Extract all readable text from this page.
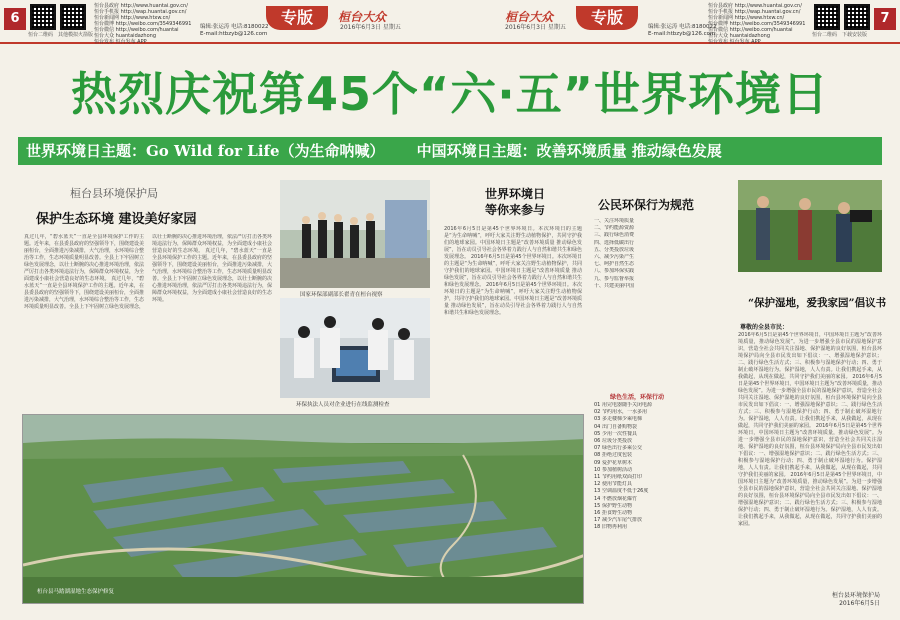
6
恒台二维码 其他模拟火箭版
恒台县政府 http://www.huantai.gov.cn/
恒台手机报 http://wap.huantai.gov.cn/
恒台新闻网 http://www.htxw.cn/
恒台微博 http://weibo.com/3549346991
恒台微信 http://weibo.com/huantai
恒台大众 huantaidazhong
恒台发布 恒台发布 APP
编辑:张运涛 电话:8180022
E-mail:htbzyb@126.com
专版	桓台大众
2016年6月3日 星期五
桓台大众
2016年6月3日 星期五
专版	编辑:张运涛 电话:8180022
E-mail:htbzyb@126.com
恒台县政府 http://www.huantai.gov.cn/
恒台手机报 http://wap.huantai.gov.cn/
恒台新闻网 http://www.htxw.cn/
恒台微博 http://weibo.com/3549346991
恒台微信 http://weibo.com/huantai
恒台大众 huantaidazhong
恒台发布 恒台发布 APP
恒台二维码 下载安装版
7
热烈庆祝第45个“六·五”世界环境日
世界环境日主题：Go Wild for Life（为生命呐喊） 中国环境日主题：改善环境质量 推动绿色发展
桓台县环境保护局
保护生态环境 建设美好家园
真过几年，“碧水蓝天”一直是全县环境保护工作的主题。近年来，在县委县政府的坚强领导下，围绕建设美丽桓台，全面推进污染减排，大气治理，水环境综合整治等工作，生态环境质量明显改善。全县上下牢固树立绿色发展理念，以壮士断腕的决心推进环境治理，依法严厉打击各类环境违法行为，保障群众环境权益，为全面建成小康社会营造良好的生态环境。 真过几年，“碧水蓝天”一直是全县环境保护工作的主题。近年来，在县委县政府的坚强领导下，围绕建设美丽桓台，全面推进污染减排，大气治理，水环境综合整治等工作，生态环境质量明显改善。全县上下牢固树立绿色发展理念，以壮士断腕的决心推进环境治理，依法严厉打击各类环境违法行为，保障群众环境权益，为全面建成小康社会营造良好的生态环境。 真过几年，“碧水蓝天”一直是全县环境保护工作的主题。近年来，在县委县政府的坚强领导下，围绕建设美丽桓台，全面推进污染减排，大气治理，水环境综合整治等工作，生态环境质量明显改善。全县上下牢固树立绿色发展理念，以壮士断腕的决心推进环境治理，依法严厉打击各类环境违法行为，保障群众环境权益，为全面建成小康社会营造良好的生态环境。
国家环保部副部长翟青在桓台视察
环保执法人员对企业进行在线监测检查
世界环境日
等你来参与
2016年6月5日是第45个世界环境日。本次环境日的主题是“为生命呐喊”，呼吁大家关注野生动植物保护，共同守护我们的地球家园。中国环境日主题是“改善环境质量 推动绿色发展”，旨在动员引导社会各界着力践行人与自然和谐共生和绿色发展理念。 2016年6月5日是第45个世界环境日。本次环境日的主题是“为生命呐喊”，呼吁大家关注野生动植物保护，共同守护我们的地球家园。中国环境日主题是“改善环境质量 推动绿色发展”，旨在动员引导社会各界着力践行人与自然和谐共生和绿色发展理念。 2016年6月5日是第45个世界环境日。本次环境日的主题是“为生命呐喊”，呼吁大家关注野生动植物保护，共同守护我们的地球家园。中国环境日主题是“改善环境质量 推动绿色发展”，旨在动员引导社会各界着力践行人与自然和谐共生和绿色发展理念。
公民环保行为规范
一、关注环境质量
二、节约能源资源
三、践行绿色消费
四、选择低碳出行
五、分类投放垃圾
六、减少污染产生
七、呵护自然生态
八、参加环保实践
九、参与监督举报
十、共建美丽中国
绿色生活，环保行动
01 用完电器随手关闭电源
02 节约用水，一水多用
03 多走楼梯少乘电梯
04 出门自备购物袋
05 少用一次性餐具
06 垃圾分类投放
07 绿色出行多乘公交
08 拒绝过度包装
09 爱护花草树木
10 参加植树活动
11 节约用纸双面打印
12 使用节能灯具
13 空调温度不低于26度
14 不燃放烟花爆竹
15 保护野生动物
16 拒食野生动物
17 减少汽车尾气排放
18 旧物再利用
“保护湿地，爱我家园”倡议书
尊敬的全县市民：
2016年6月5日是第45个世界环境日，中国环境日主题为“改善环境质量，推动绿色发展”。为进一步增强全县市民的湿地保护意识，营造全社会共同关注湿地、保护湿地的良好氛围，桓台县环境保护局向全县市民发出如下倡议：一、增强湿地保护意识；二、践行绿色生活方式；三、积极参与湿地保护行动；四、勇于制止破坏湿地行为。保护湿地，人人有责。让我们携起手来，从我做起，从现在做起，共同守护我们美丽的家园。 2016年6月5日是第45个世界环境日，中国环境日主题为“改善环境质量，推动绿色发展”。为进一步增强全县市民的湿地保护意识，营造全社会共同关注湿地、保护湿地的良好氛围，桓台县环境保护局向全县市民发出如下倡议：一、增强湿地保护意识；二、践行绿色生活方式；三、积极参与湿地保护行动；四、勇于制止破坏湿地行为。保护湿地，人人有责。让我们携起手来，从我做起，从现在做起，共同守护我们美丽的家园。 2016年6月5日是第45个世界环境日，中国环境日主题为“改善环境质量，推动绿色发展”。为进一步增强全县市民的湿地保护意识，营造全社会共同关注湿地、保护湿地的良好氛围，桓台县环境保护局向全县市民发出如下倡议：一、增强湿地保护意识；二、践行绿色生活方式；三、积极参与湿地保护行动；四、勇于制止破坏湿地行为。保护湿地，人人有责。让我们携起手来，从我做起，从现在做起，共同守护我们美丽的家园。 2016年6月5日是第45个世界环境日，中国环境日主题为“改善环境质量，推动绿色发展”。为进一步增强全县市民的湿地保护意识，营造全社会共同关注湿地、保护湿地的良好氛围，桓台县环境保护局向全县市民发出如下倡议：一、增强湿地保护意识；二、践行绿色生活方式；三、积极参与湿地保护行动；四、勇于制止破坏湿地行为。保护湿地，人人有责。让我们携起手来，从我做起，从现在做起，共同守护我们美丽的家园。
桓台县环境保护局
2016年6月5日
桓台县马踏湖湿地生态保护修复
